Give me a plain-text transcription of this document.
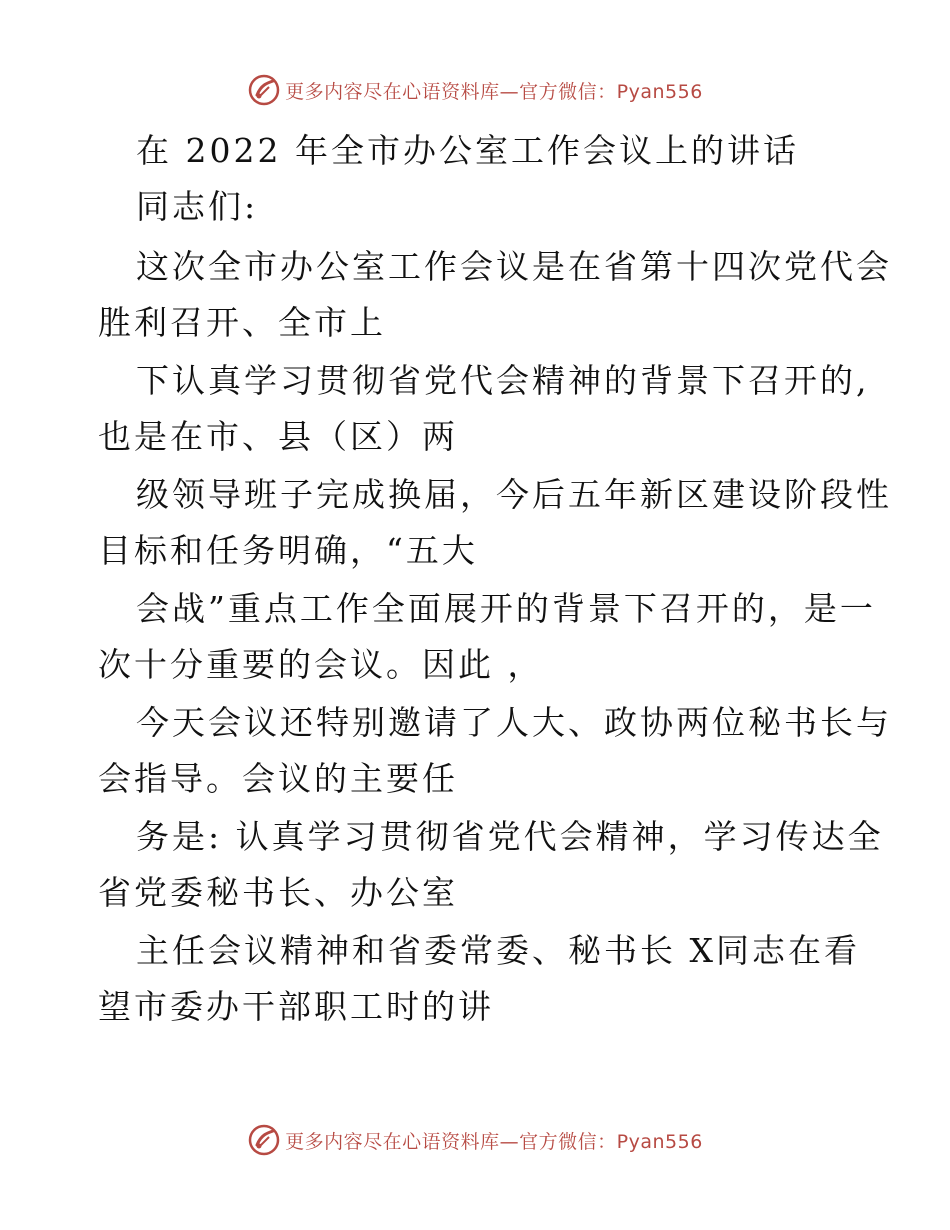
更多内容尽在心语资料库—官方微信：Pyan556
在 2022 年全市办公室工作会议上的讲话
同志们:
这次全市办公室工作会议是在省第十四次党代会
胜利召开、全市上
下认真学习贯彻省党代会精神的背景下召开的,
也是在市、县（区）两
级领导班子完成换届，今后五年新区建设阶段性
目标和任务明确，“五大
会战”重点工作全面展开的背景下召开的，是一
次十分重要的会议。因此 ，
今天会议还特别邀请了人大、政协两位秘书长与
会指导。会议的主要任
务是: 认真学习贯彻省党代会精神，学习传达全
省党委秘书长、办公室
主任会议精神和省委常委、秘书长 X同志在看
望市委办干部职工时的讲
更多内容尽在心语资料库—官方微信：Pyan556
